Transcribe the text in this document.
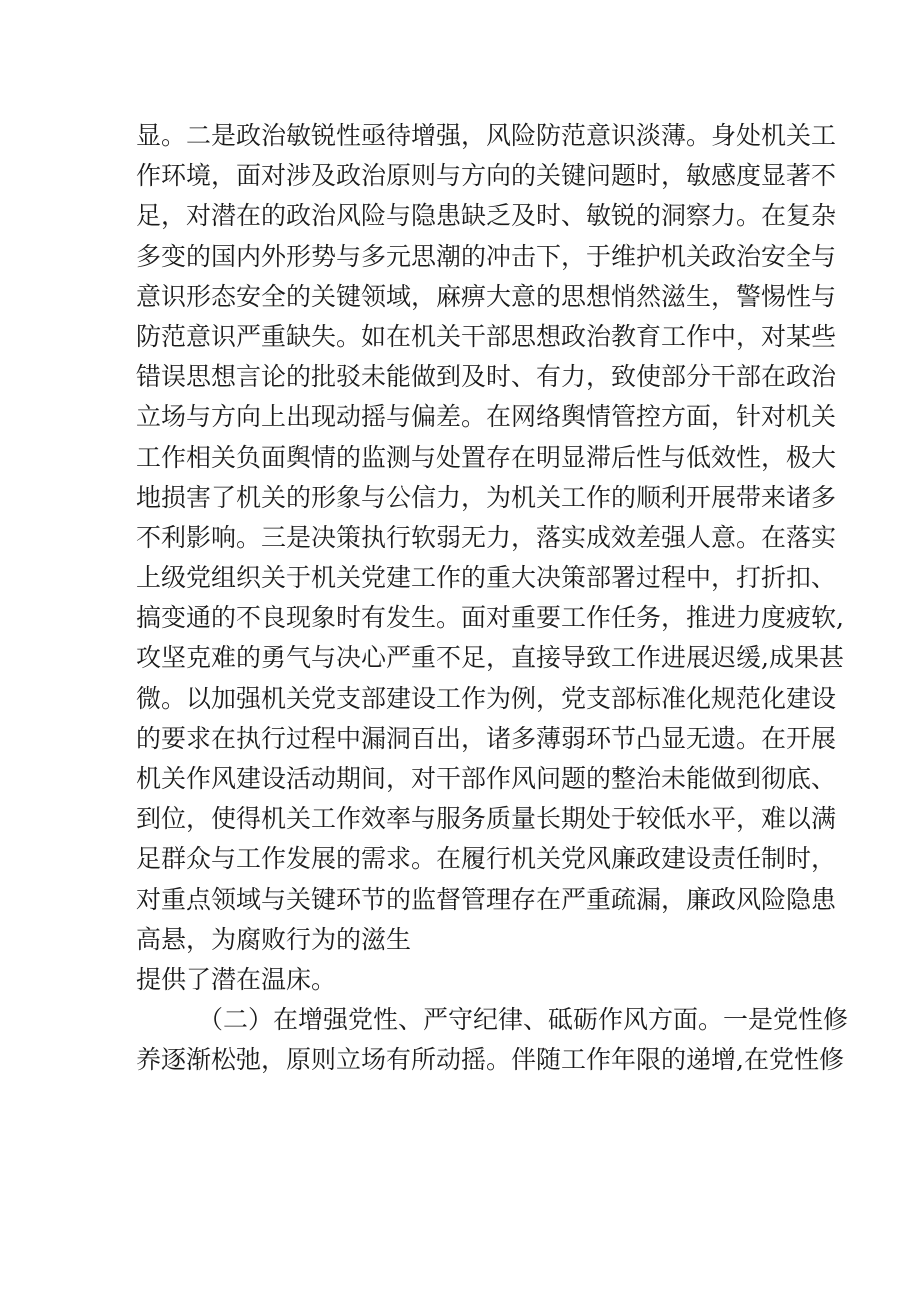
显。二是政治敏锐性亟待增强，风险防范意识淡薄。身处机关工
作环境，面对涉及政治原则与方向的关键问题时，敏感度显著不
足，对潜在的政治风险与隐患缺乏及时、敏锐的洞察力。在复杂
多变的国内外形势与多元思潮的冲击下，于维护机关政治安全与
意识形态安全的关键领域，麻痹大意的思想悄然滋生，警惕性与
防范意识严重缺失。如在机关干部思想政治教育工作中，对某些
错误思想言论的批驳未能做到及时、有力，致使部分干部在政治
立场与方向上出现动摇与偏差。在网络舆情管控方面，针对机关
工作相关负面舆情的监测与处置存在明显滞后性与低效性，极大
地损害了机关的形象与公信力，为机关工作的顺利开展带来诸多
不利影响。三是决策执行软弱无力，落实成效差强人意。在落实
上级党组织关于机关党建工作的重大决策部署过程中，打折扣、
搞变通的不良现象时有发生。面对重要工作任务，推进力度疲软,
攻坚克难的勇气与决心严重不足，直接导致工作进展迟缓,成果甚
微。以加强机关党支部建设工作为例，党支部标准化规范化建设
的要求在执行过程中漏洞百出，诸多薄弱环节凸显无遗。在开展
机关作风建设活动期间，对干部作风问题的整治未能做到彻底、
到位，使得机关工作效率与服务质量长期处于较低水平，难以满
足群众与工作发展的需求。在履行机关党风廉政建设责任制时，
对重点领域与关键环节的监督管理存在严重疏漏，廉政风险隐患
高悬，为腐败行为的滋生
提供了潜在温床。
（二）在增强党性、严守纪律、砥砺作风方面。一是党性修
养逐渐松弛，原则立场有所动摇。伴随工作年限的递增,在党性修
